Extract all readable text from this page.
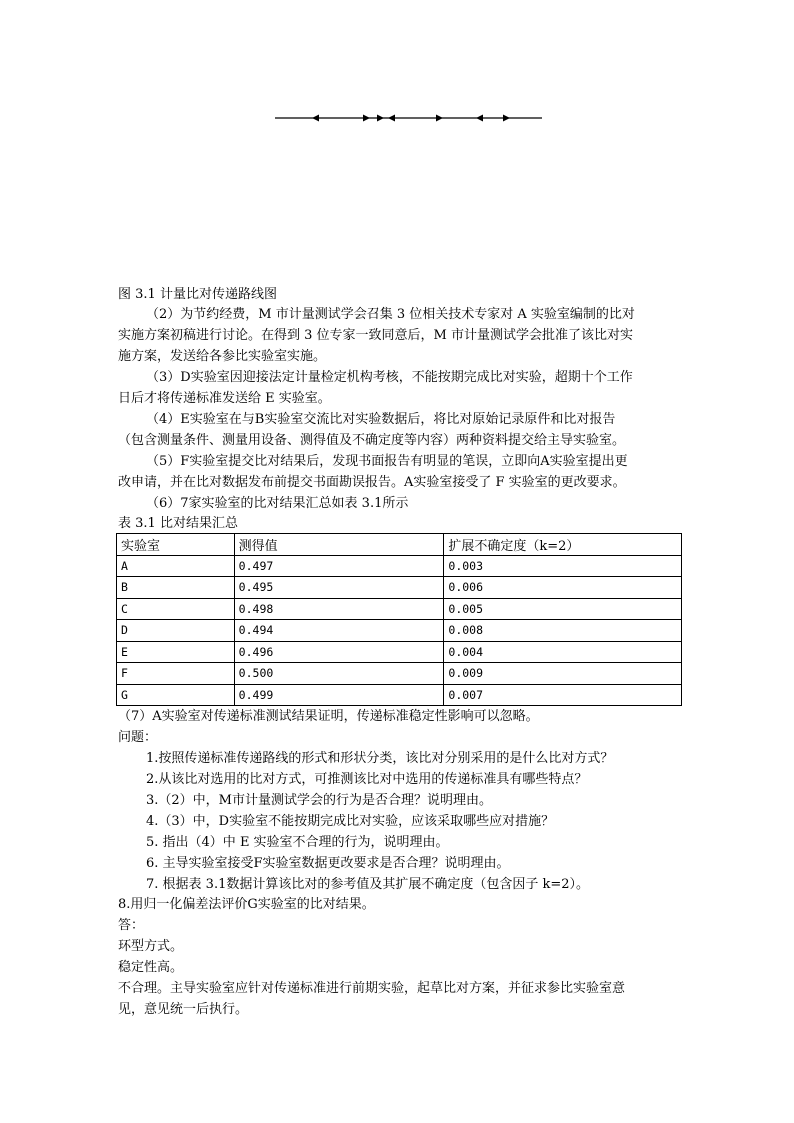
图 3.1 计量比对传递路线图
（2）为节约经费，M 市计量测试学会召集 3 位相关技术专家对 A 实验室编制的比对
实施方案初稿进行讨论。在得到 3 位专家一致同意后，M 市计量测试学会批准了该比对实
施方案，发送给各参比实验室实施。
（3）D实验室因迎接法定计量检定机构考核，不能按期完成比对实验，超期十个工作
日后才将传递标准发送给 E 实验室。
（4）E实验室在与B实验室交流比对实验数据后，将比对原始记录原件和比对报告
（包含测量条件、测量用设备、测得值及不确定度等内容）两种资料提交给主导实验室。
（5）F实验室提交比对结果后，发现书面报告有明显的笔误，立即向A实验室提出更
改申请，并在比对数据发布前提交书面勘误报告。A实验室接受了 F 实验室的更改要求。
（6）7家实验室的比对结果汇总如表 3.1所示
表 3.1 比对结果汇总
实验室	测得值	扩展不确定度（k=2）
A	0.497	0.003
B	0.495	0.006
C	0.498	0.005
D	0.494	0.008
E	0.496	0.004
F	0.500	0.009
G	0.499	0.007
（7）A实验室对传递标准测试结果证明，传递标准稳定性影响可以忽略。
问题：
1.按照传递标准传递路线的形式和形状分类，该比对分别采用的是什么比对方式？
2.从该比对选用的比对方式，可推测该比对中选用的传递标准具有哪些特点？
3.（2）中，M市计量测试学会的行为是否合理？说明理由。
4.（3）中，D实验室不能按期完成比对实验，应该采取哪些应对措施？
5. 指出（4）中 E 实验室不合理的行为，说明理由。
6. 主导实验室接受F实验室数据更改要求是否合理？说明理由。
7. 根据表 3.1数据计算该比对的参考值及其扩展不确定度（包含因子 k=2）。
8.用归一化偏差法评价G实验室的比对结果。
答：
环型方式。
稳定性高。
不合理。主导实验室应针对传递标准进行前期实验，起草比对方案，并征求参比实验室意
见，意见统一后执行。
